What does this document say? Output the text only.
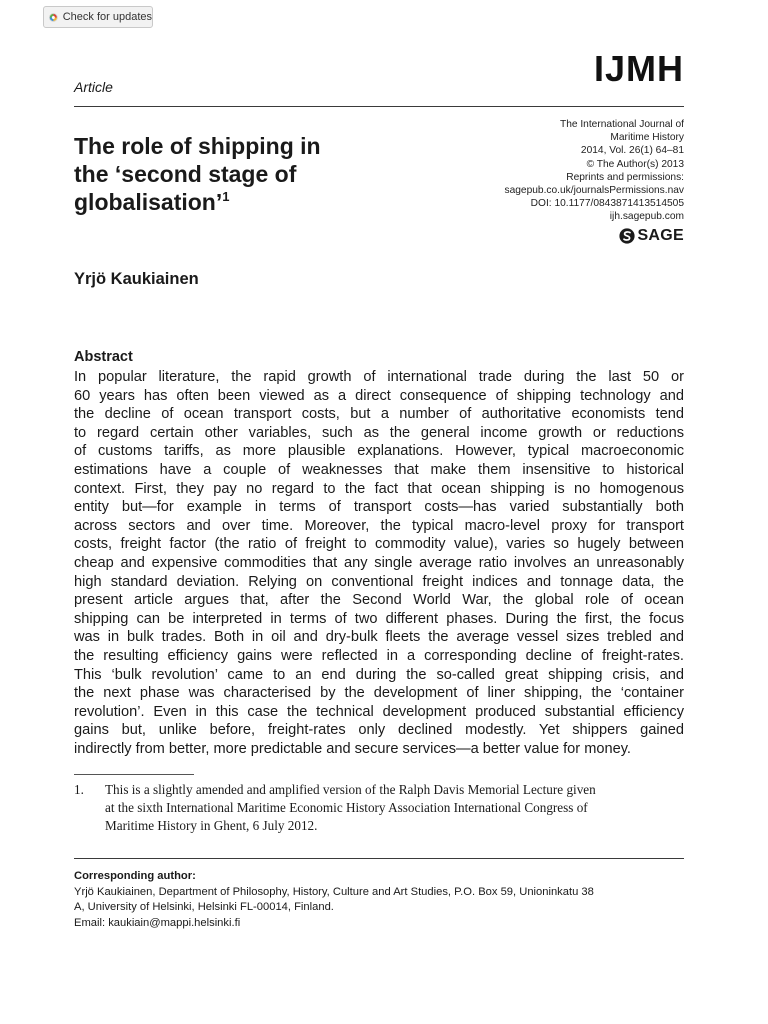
Check for updates
Article	IJMH
The International Journal of
Maritime History
2014, Vol. 26(1) 64–81
© The Author(s) 2013
Reprints and permissions:
sagepub.co.uk/journalsPermissions.nav
DOI: 10.1177/0843871413514505
ijh.sagepub.com
SAGE
The role of shipping in
the ‘second stage of
globalisation’$^1$
Yrjö Kaukiainen
Abstract

In popular literature, the rapid growth of international trade during the last 50 or

60 years has often been viewed as a direct consequence of shipping technology and

the decline of ocean transport costs, but a number of authoritative economists tend

to regard certain other variables, such as the general income growth or reductions

of customs tariffs, as more plausible explanations. However, typical macroeconomic

estimations have a couple of weaknesses that make them insensitive to historical

context. First, they pay no regard to the fact that ocean shipping is no homogenous

entity but—for example in terms of transport costs—has varied substantially both

across sectors and over time. Moreover, the typical macro-level proxy for transport

costs, freight factor (the ratio of freight to commodity value), varies so hugely between

cheap and expensive commodities that any single average ratio involves an unreasonably

high standard deviation. Relying on conventional freight indices and tonnage data, the

present article argues that, after the Second World War, the global role of ocean

shipping can be interpreted in terms of two different phases. During the first, the focus

was in bulk trades. Both in oil and dry-bulk fleets the average vessel sizes trebled and

the resulting efficiency gains were reflected in a corresponding decline of freight-rates.

This ‘bulk revolution’ came to an end during the so-called great shipping crisis, and

the next phase was characterised by the development of liner shipping, the ‘container

revolution’. Even in this case the technical development produced substantial efficiency

gains but, unlike before, freight-rates only declined modestly. Yet shippers gained

indirectly from better, more predictable and secure services—a better value for money.

1. This is a slightly amended and amplified version of the Ralph Davis Memorial Lecture given

at the sixth International Maritime Economic History Association International Congress of

Maritime History in Ghent, 6 July 2012.

Corresponding author:
Yrjö Kaukiainen, Department of Philosophy, History, Culture and Art Studies, P.O. Box 59, Unioninkatu 38
A, University of Helsinki, Helsinki FL-00014, Finland.
Email: kaukiain@mappi.helsinki.fi
